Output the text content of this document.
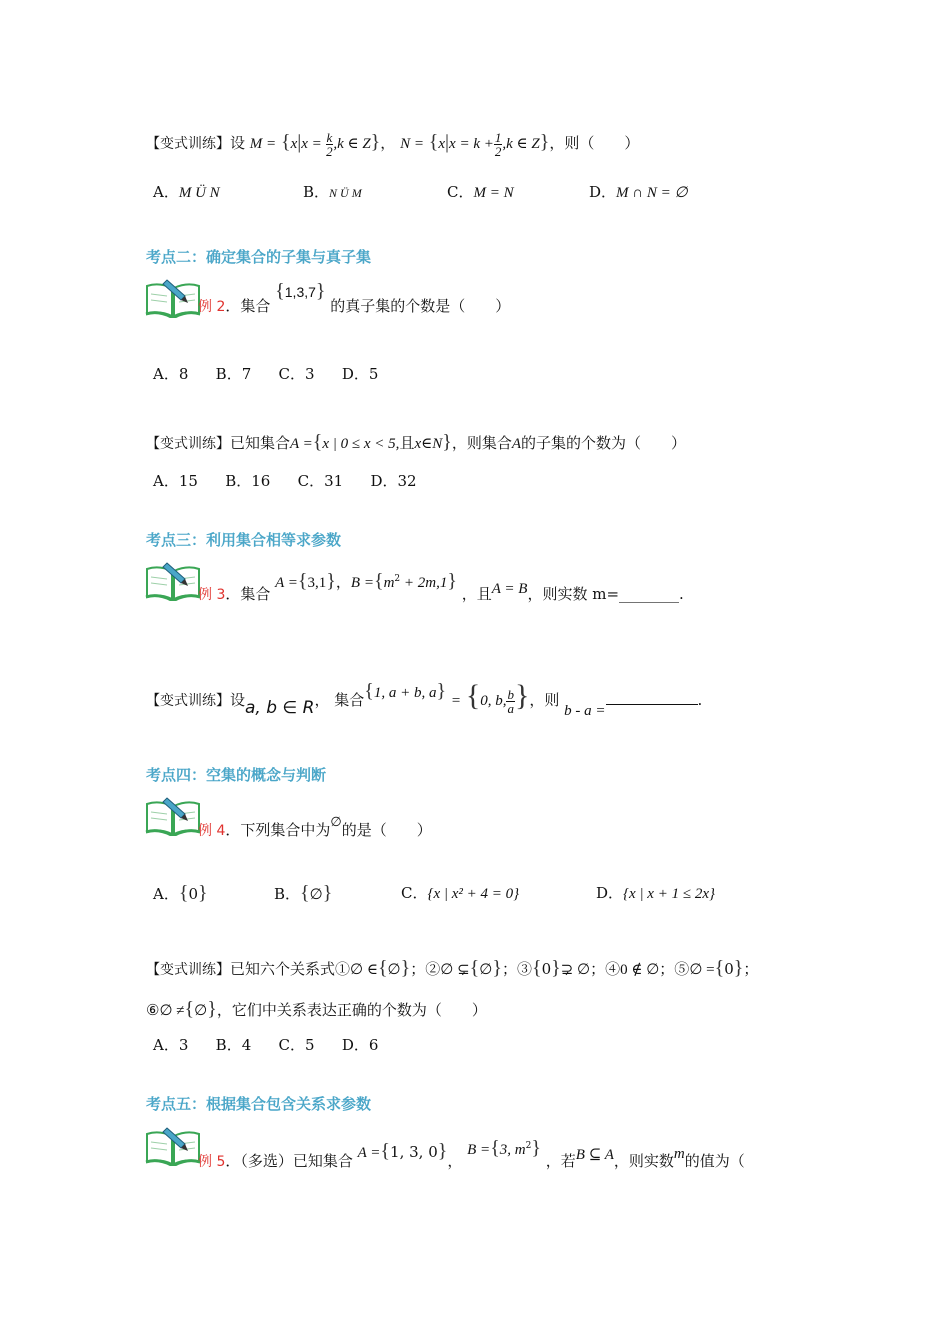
【变式训练】设 $M = \{x|x = \frac{k}{2} ,k$ ∈ Z}， $N = \{x|x = k + \frac{1}{2} ,k$ ∈ Z}，则（　　）
A．M Ü N	B．N Ü M	C．M = N	D．M ∩ N = ∅
考点二：确定集合的子集与真子集
例 2．集合 {1,3,7} 的真子集的个数是（　　）
A．8   B．7   C．3   D．5
【变式训练】已知集合A ={x | 0 ≤ x < 5,且x∈N}，则集合A的子集的个数为（　　）
A．15   B．16   C．31   D．32
考点三：利用集合相等求参数
例 3．集合 A ={3,1}，$B =\{m^2 + 2m,1\}$ ，且A = B，则实数 m=________.
【变式训练】设a, b ∈ R， 集合{1, a + b, a} = {0, b, $\frac{b}{a}$ }，则 b - a =.
考点四：空集的概念与判断
例 4．下列集合中为∅的是（　　）
A．{0}	B．{∅}	C．{x | x² + 4 = 0}	D．{x | x + 1 ≤ 2x}
【变式训练】已知六个关系式①∅ ∈{∅}；②∅ ⊊{∅}；③{0}⊋ ∅；④0 ∉ ∅；⑤∅ ={0}；
⑥∅ ≠{∅}，它们中关系表达正确的个数为（　　）
A．3   B．4   C．5   D．6
考点五：根据集合包含关系求参数
例 5．（多选）已知集合 A ={1, 3, 0}， B ={3, $m^2$} ，若B ⊆ A，则实数m的值为（
